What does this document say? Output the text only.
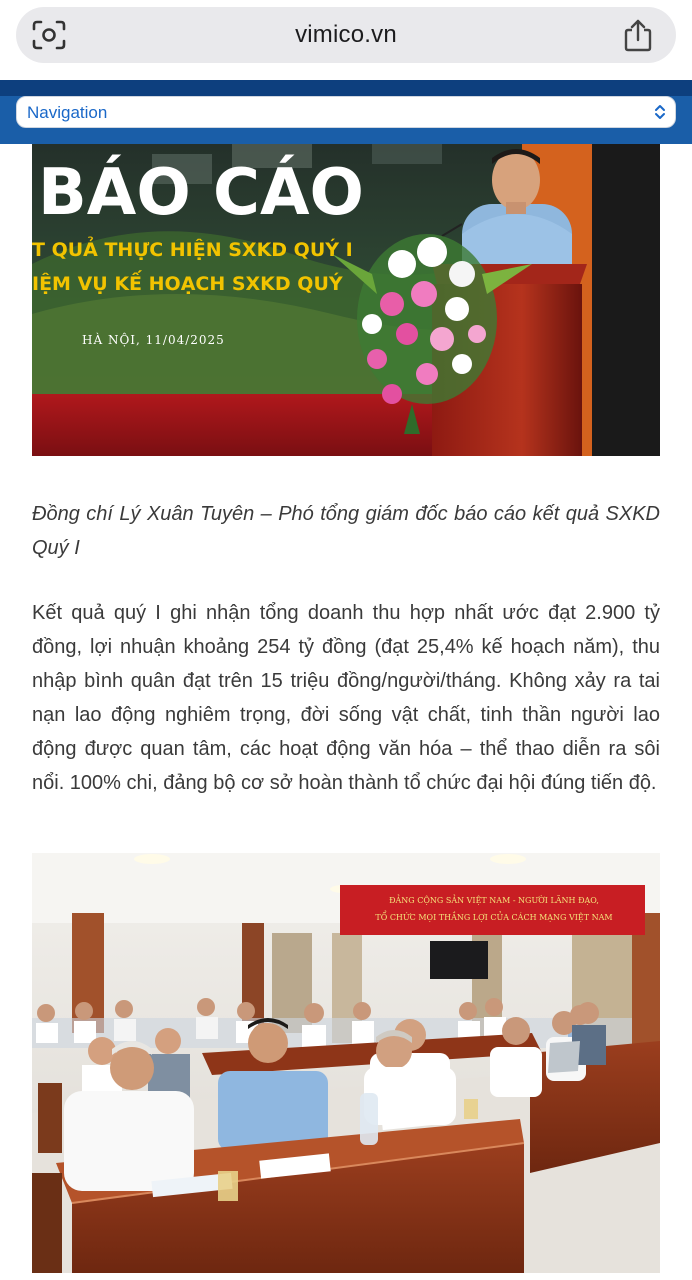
vimico.vn
Navigation
BÁO CÁO
T QUẢ THỰC HIỆN SXKD QUÝ I
IỆM VỤ KẾ HOẠCH SXKD QUÝ
HÀ NỘI, 11/04/2025

Đồng chí Lý Xuân Tuyên – Phó tổng giám đốc báo cáo kết quả SXKD Quý I

Kết quả quý I ghi nhận tổng doanh thu hợp nhất ước đạt 2.900 tỷ đồng, lợi nhuận khoảng 254 tỷ đồng (đạt 25,4% kế hoạch năm), thu nhập bình quân đạt trên 15 triệu đồng/người/tháng. Không xảy ra tai nạn lao động nghiêm trọng, đời sống vật chất, tinh thần người lao động được quan tâm, các hoạt động văn hóa – thể thao diễn ra sôi nổi. 100% chi, đảng bộ cơ sở hoàn thành tổ chức đại hội đúng tiến độ.

ĐẢNG CỘNG SẢN VIỆT NAM - NGƯỜI LÃNH ĐẠO,
TỔ CHỨC MỌI THẮNG LỢI CỦA CÁCH MẠNG VIỆT NAM
